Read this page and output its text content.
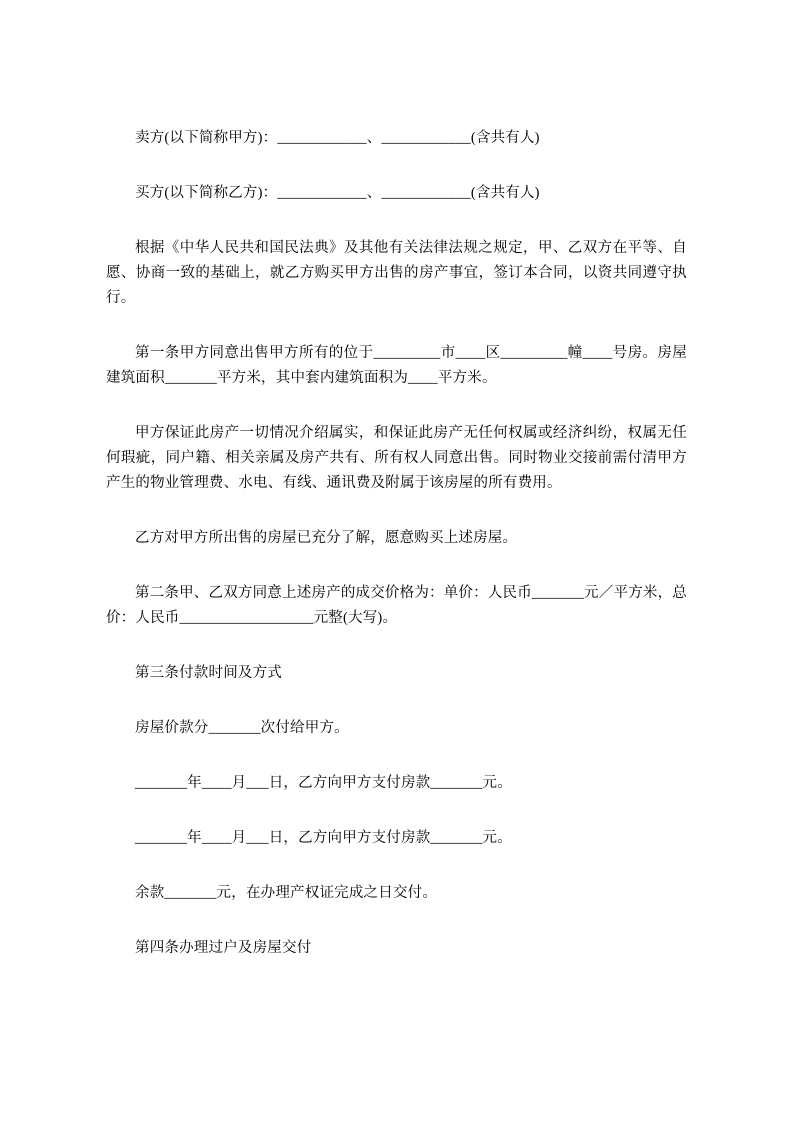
卖方(以下简称甲方)：____________、____________(含共有人)

买方(以下简称乙方)：____________、____________(含共有人)

根据《中华人民共和国民法典》及其他有关法律法规之规定，甲、乙双方在平等、自愿、协商一致的基础上，就乙方购买甲方出售的房产事宜，签订本合同，以资共同遵守执行。

第一条甲方同意出售甲方所有的位于_________市____区_________幢____号房。房屋建筑面积_______平方米，其中套内建筑面积为____平方米。

甲方保证此房产一切情况介绍属实，和保证此房产无任何权属或经济纠纷，权属无任何瑕疵，同户籍、相关亲属及房产共有、所有权人同意出售。同时物业交接前需付清甲方产生的物业管理费、水电、有线、通讯费及附属于该房屋的所有费用。

乙方对甲方所出售的房屋已充分了解，愿意购买上述房屋。

第二条甲、乙双方同意上述房产的成交价格为：单价：人民币_______元／平方米，总价：人民币__________________元整(大写)。

第三条付款时间及方式

房屋价款分_______次付给甲方。

_______年____月___日，乙方向甲方支付房款_______元。

_______年____月___日，乙方向甲方支付房款_______元。

余款_______元，在办理产权证完成之日交付。

第四条办理过户及房屋交付
